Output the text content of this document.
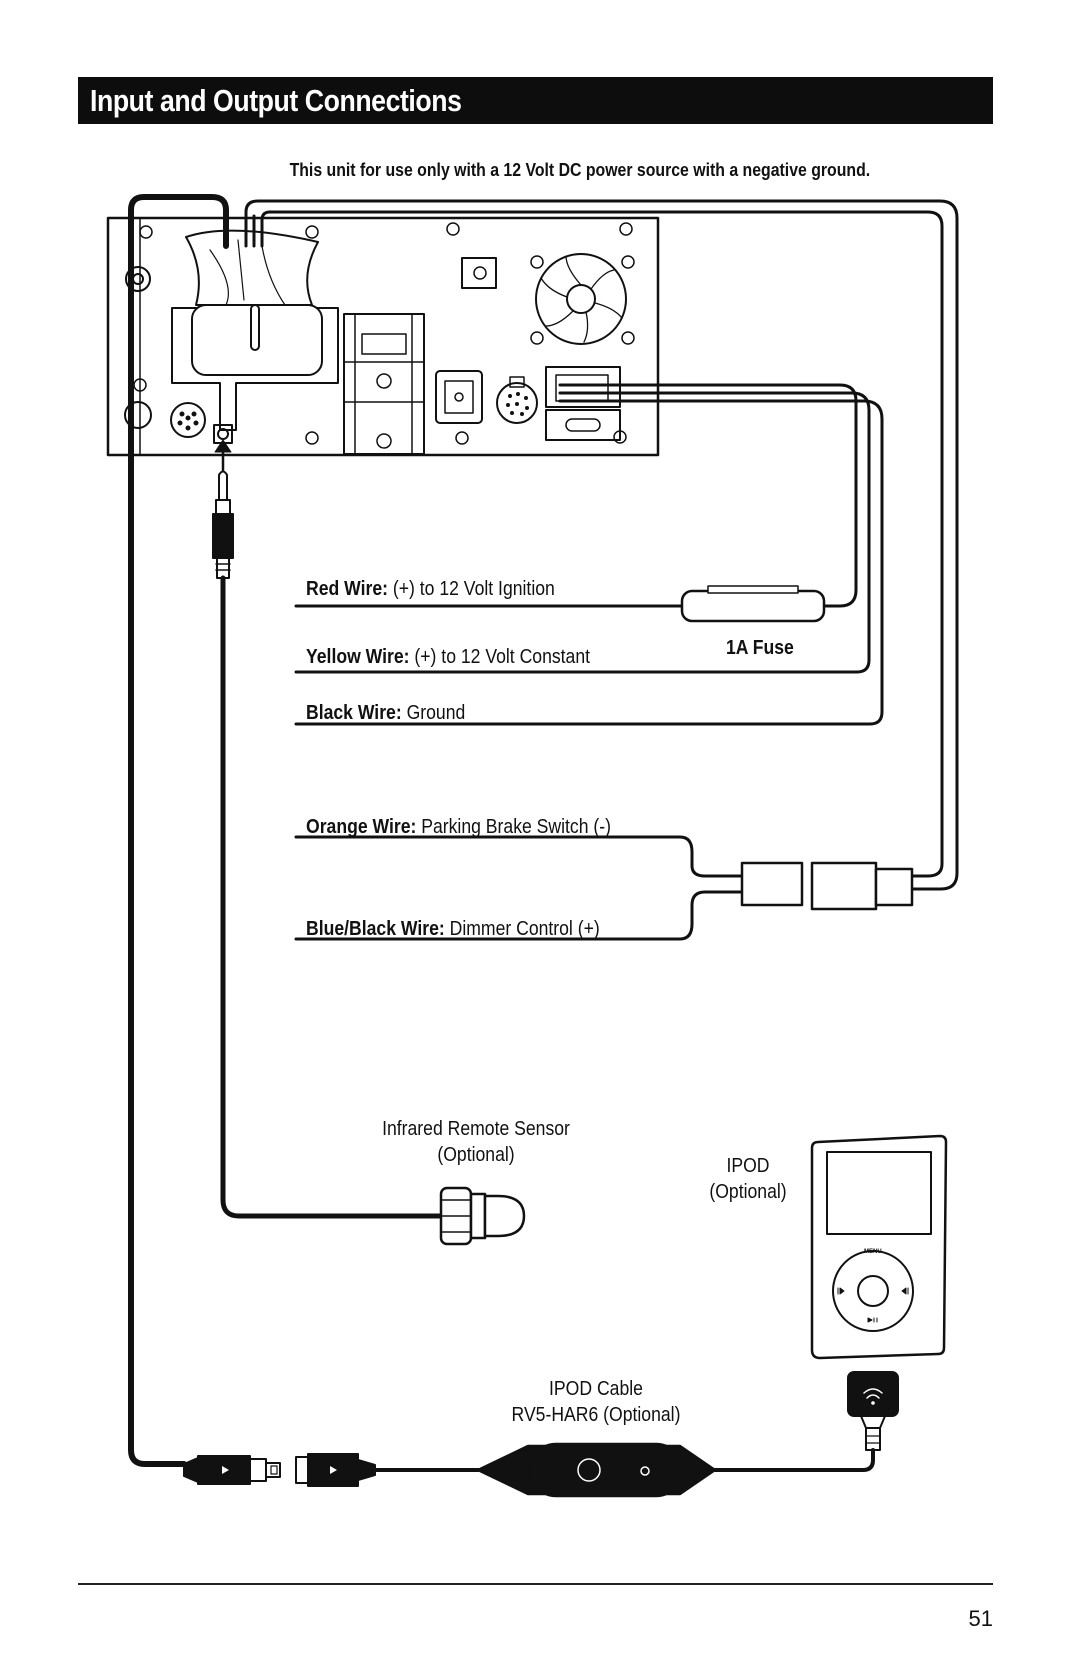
Input and Output Connections
This unit for use only with a 12 Volt DC power source with a negative ground.
Red Wire: (+) to 12 Volt Ignition
1A Fuse
Yellow Wire: (+) to 12 Volt Constant
Black Wire: Ground
Orange Wire: Parking Brake Switch (-)
Blue/Black Wire: Dimmer Control (+)
Infrared Remote Sensor
(Optional)	IPOD
(Optional)
MENU
IPOD Cable
RV5-HAR6 (Optional)
51
